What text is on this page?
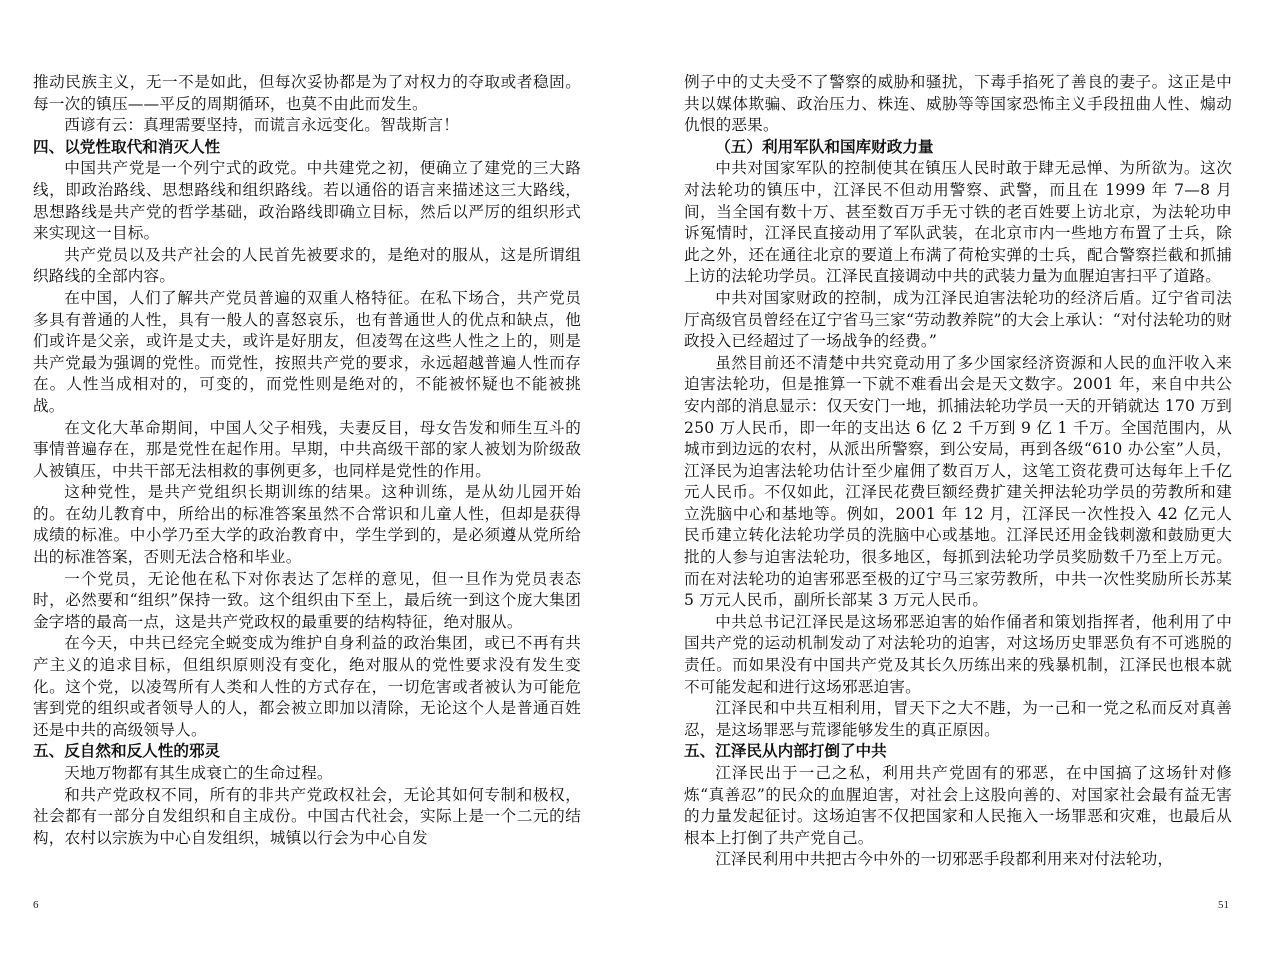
推动民族主义，无一不是如此，但每次妥协都是为了对权力的夺取或者稳固。每一次的镇压——平反的周期循环，也莫不由此而发生。

西谚有云：真理需要坚持，而谎言永远变化。智哉斯言！

四、以党性取代和消灭人性

中国共产党是一个列宁式的政党。中共建党之初，便确立了建党的三大路线，即政治路线、思想路线和组织路线。若以通俗的语言来描述这三大路线，思想路线是共产党的哲学基础，政治路线即确立目标，然后以严厉的组织形式来实现这一目标。

共产党员以及共产社会的人民首先被要求的，是绝对的服从，这是所谓组织路线的全部内容。

在中国，人们了解共产党员普遍的双重人格特征。在私下场合，共产党员多具有普通的人性，具有一般人的喜怒哀乐，也有普通世人的优点和缺点，他们或许是父亲，或许是丈夫，或许是好朋友，但凌驾在这些人性之上的，则是共产党最为强调的党性。而党性，按照共产党的要求，永远超越普遍人性而存在。人性当成相对的，可变的，而党性则是绝对的，不能被怀疑也不能被挑战。

在文化大革命期间，中国人父子相残，夫妻反目，母女告发和师生互斗的事情普遍存在，那是党性在起作用。早期，中共高级干部的家人被划为阶级敌人被镇压，中共干部无法相救的事例更多，也同样是党性的作用。

这种党性，是共产党组织长期训练的结果。这种训练，是从幼儿园开始的。在幼儿教育中，所给出的标准答案虽然不合常识和儿童人性，但却是获得成绩的标准。中小学乃至大学的政治教育中，学生学到的，是必须遵从党所给出的标准答案，否则无法合格和毕业。

一个党员，无论他在私下对你表达了怎样的意见，但一旦作为党员表态时，必然要和“组织”保持一致。这个组织由下至上，最后统一到这个庞大集团金字塔的最高一点，这是共产党政权的最重要的结构特征，绝对服从。

在今天，中共已经完全蜕变成为维护自身利益的政治集团，或已不再有共产主义的追求目标，但组织原则没有变化，绝对服从的党性要求没有发生变化。这个党，以凌驾所有人类和人性的方式存在，一切危害或者被认为可能危害到党的组织或者领导人的人，都会被立即加以清除，无论这个人是普通百姓还是中共的高级领导人。

五、反自然和反人性的邪灵

天地万物都有其生成衰亡的生命过程。

和共产党政权不同，所有的非共产党政权社会，无论其如何专制和极权，社会都有一部分自发组织和自主成份。中国古代社会，实际上是一个二元的结构，农村以宗族为中心自发组织，城镇以行会为中心自发

例子中的丈夫受不了警察的威胁和骚扰，下毒手掐死了善良的妻子。这正是中共以媒体欺骗、政治压力、株连、威胁等等国家恐怖主义手段扭曲人性、煽动仇恨的恶果。

（五）利用军队和国库财政力量

中共对国家军队的控制使其在镇压人民时敢于肆无忌惮、为所欲为。这次对法轮功的镇压中，江泽民不但动用警察、武警，而且在 1999 年 7—8 月间，当全国有数十万、甚至数百万手无寸铁的老百姓要上访北京，为法轮功申诉冤情时，江泽民直接动用了军队武装，在北京市内一些地方布置了士兵，除此之外，还在通往北京的要道上布满了荷枪实弹的士兵，配合警察拦截和抓捕上访的法轮功学员。江泽民直接调动中共的武装力量为血腥迫害扫平了道路。

中共对国家财政的控制，成为江泽民迫害法轮功的经济后盾。辽宁省司法厅高级官员曾经在辽宁省马三家“劳动教养院”的大会上承认：“对付法轮功的财政投入已经超过了一场战争的经费。”

虽然目前还不清楚中共究竟动用了多少国家经济资源和人民的血汗收入来迫害法轮功，但是推算一下就不难看出会是天文数字。2001 年，来自中共公安内部的消息显示：仅天安门一地，抓捕法轮功学员一天的开销就达 170 万到 250 万人民币，即一年的支出达 6 亿 2 千万到 9 亿 1 千万。全国范围内，从城市到边远的农村，从派出所警察，到公安局，再到各级“610 办公室”人员，江泽民为迫害法轮功估计至少雇佣了数百万人，这笔工资花费可达每年上千亿元人民币。不仅如此，江泽民花费巨额经费扩建关押法轮功学员的劳教所和建立洗脑中心和基地等。例如，2001 年 12 月，江泽民一次性投入 42 亿元人民币建立转化法轮功学员的洗脑中心或基地。江泽民还用金钱刺激和鼓励更大批的人参与迫害法轮功，很多地区，每抓到法轮功学员奖励数千乃至上万元。而在对法轮功的迫害邪恶至极的辽宁马三家劳教所，中共一次性奖励所长苏某 5 万元人民币，副所长部某 3 万元人民币。

中共总书记江泽民是这场邪恶迫害的始作俑者和策划指挥者，他利用了中国共产党的运动机制发动了对法轮功的迫害，对这场历史罪恶负有不可逃脱的责任。而如果没有中国共产党及其长久历练出来的残暴机制，江泽民也根本就不可能发起和进行这场邪恶迫害。

江泽民和中共互相利用，冒天下之大不韪，为一己和一党之私而反对真善忍，是这场罪恶与荒谬能够发生的真正原因。

五、江泽民从内部打倒了中共

江泽民出于一己之私，利用共产党固有的邪恶，在中国搞了这场针对修炼“真善忍”的民众的血腥迫害，对社会上这股向善的、对国家社会最有益无害的力量发起征讨。这场迫害不仅把国家和人民拖入一场罪恶和灾难，也最后从根本上打倒了共产党自己。

江泽民利用中共把古今中外的一切邪恶手段都利用来对付法轮功，

6	51
